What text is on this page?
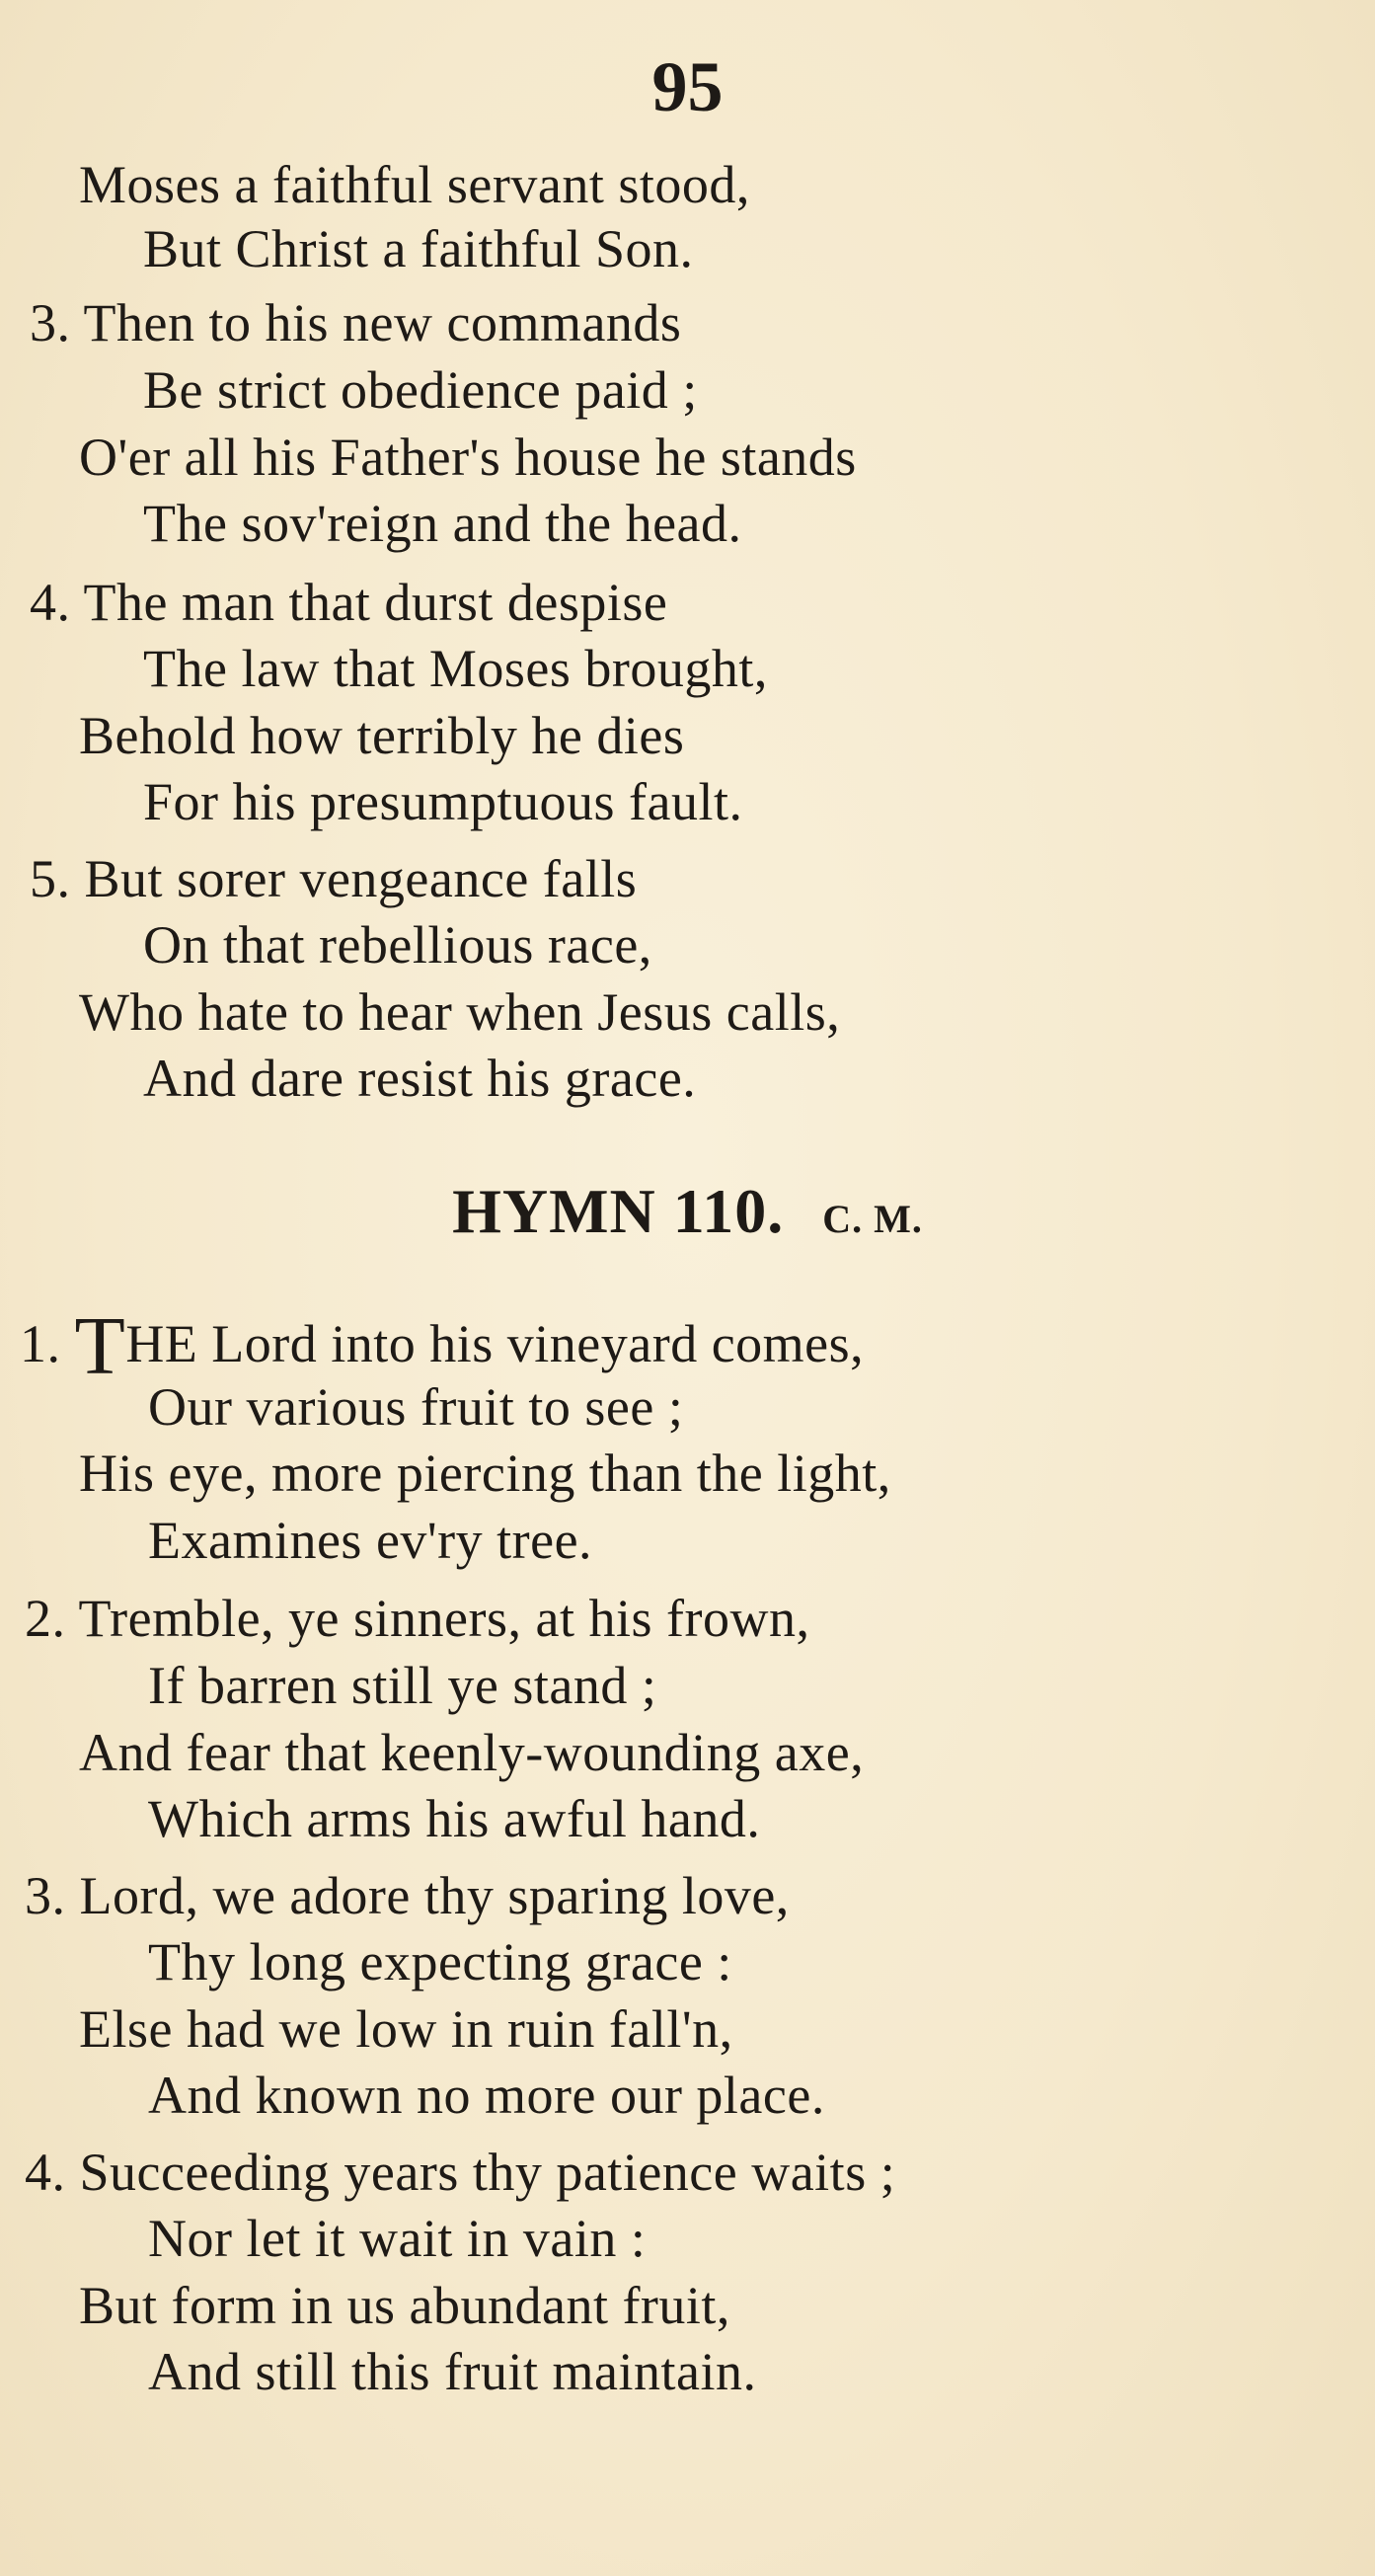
95
Moses a faithful servant stood,
But Christ a faithful Son.
3. Then to his new commands
Be strict obedience paid ;
O'er all his Father's house he stands
The sov'reign and the head.
4. The man that durst despise
The law that Moses brought,
Behold how terribly he dies
For his presumptuous fault.
5. But sorer vengeance falls
On that rebellious race,
Who hate to hear when Jesus calls,
And dare resist his grace.
HYMN 110. C. M.
1. THE Lord into his vineyard comes,
Our various fruit to see ;
His eye, more piercing than the light,
Examines ev'ry tree.
2. Tremble, ye sinners, at his frown,
If barren still ye stand ;
And fear that keenly-wounding axe,
Which arms his awful hand.
3. Lord, we adore thy sparing love,
Thy long expecting grace :
Else had we low in ruin fall'n,
And known no more our place.
4. Succeeding years thy patience waits ;
Nor let it wait in vain :
But form in us abundant fruit,
And still this fruit maintain.
